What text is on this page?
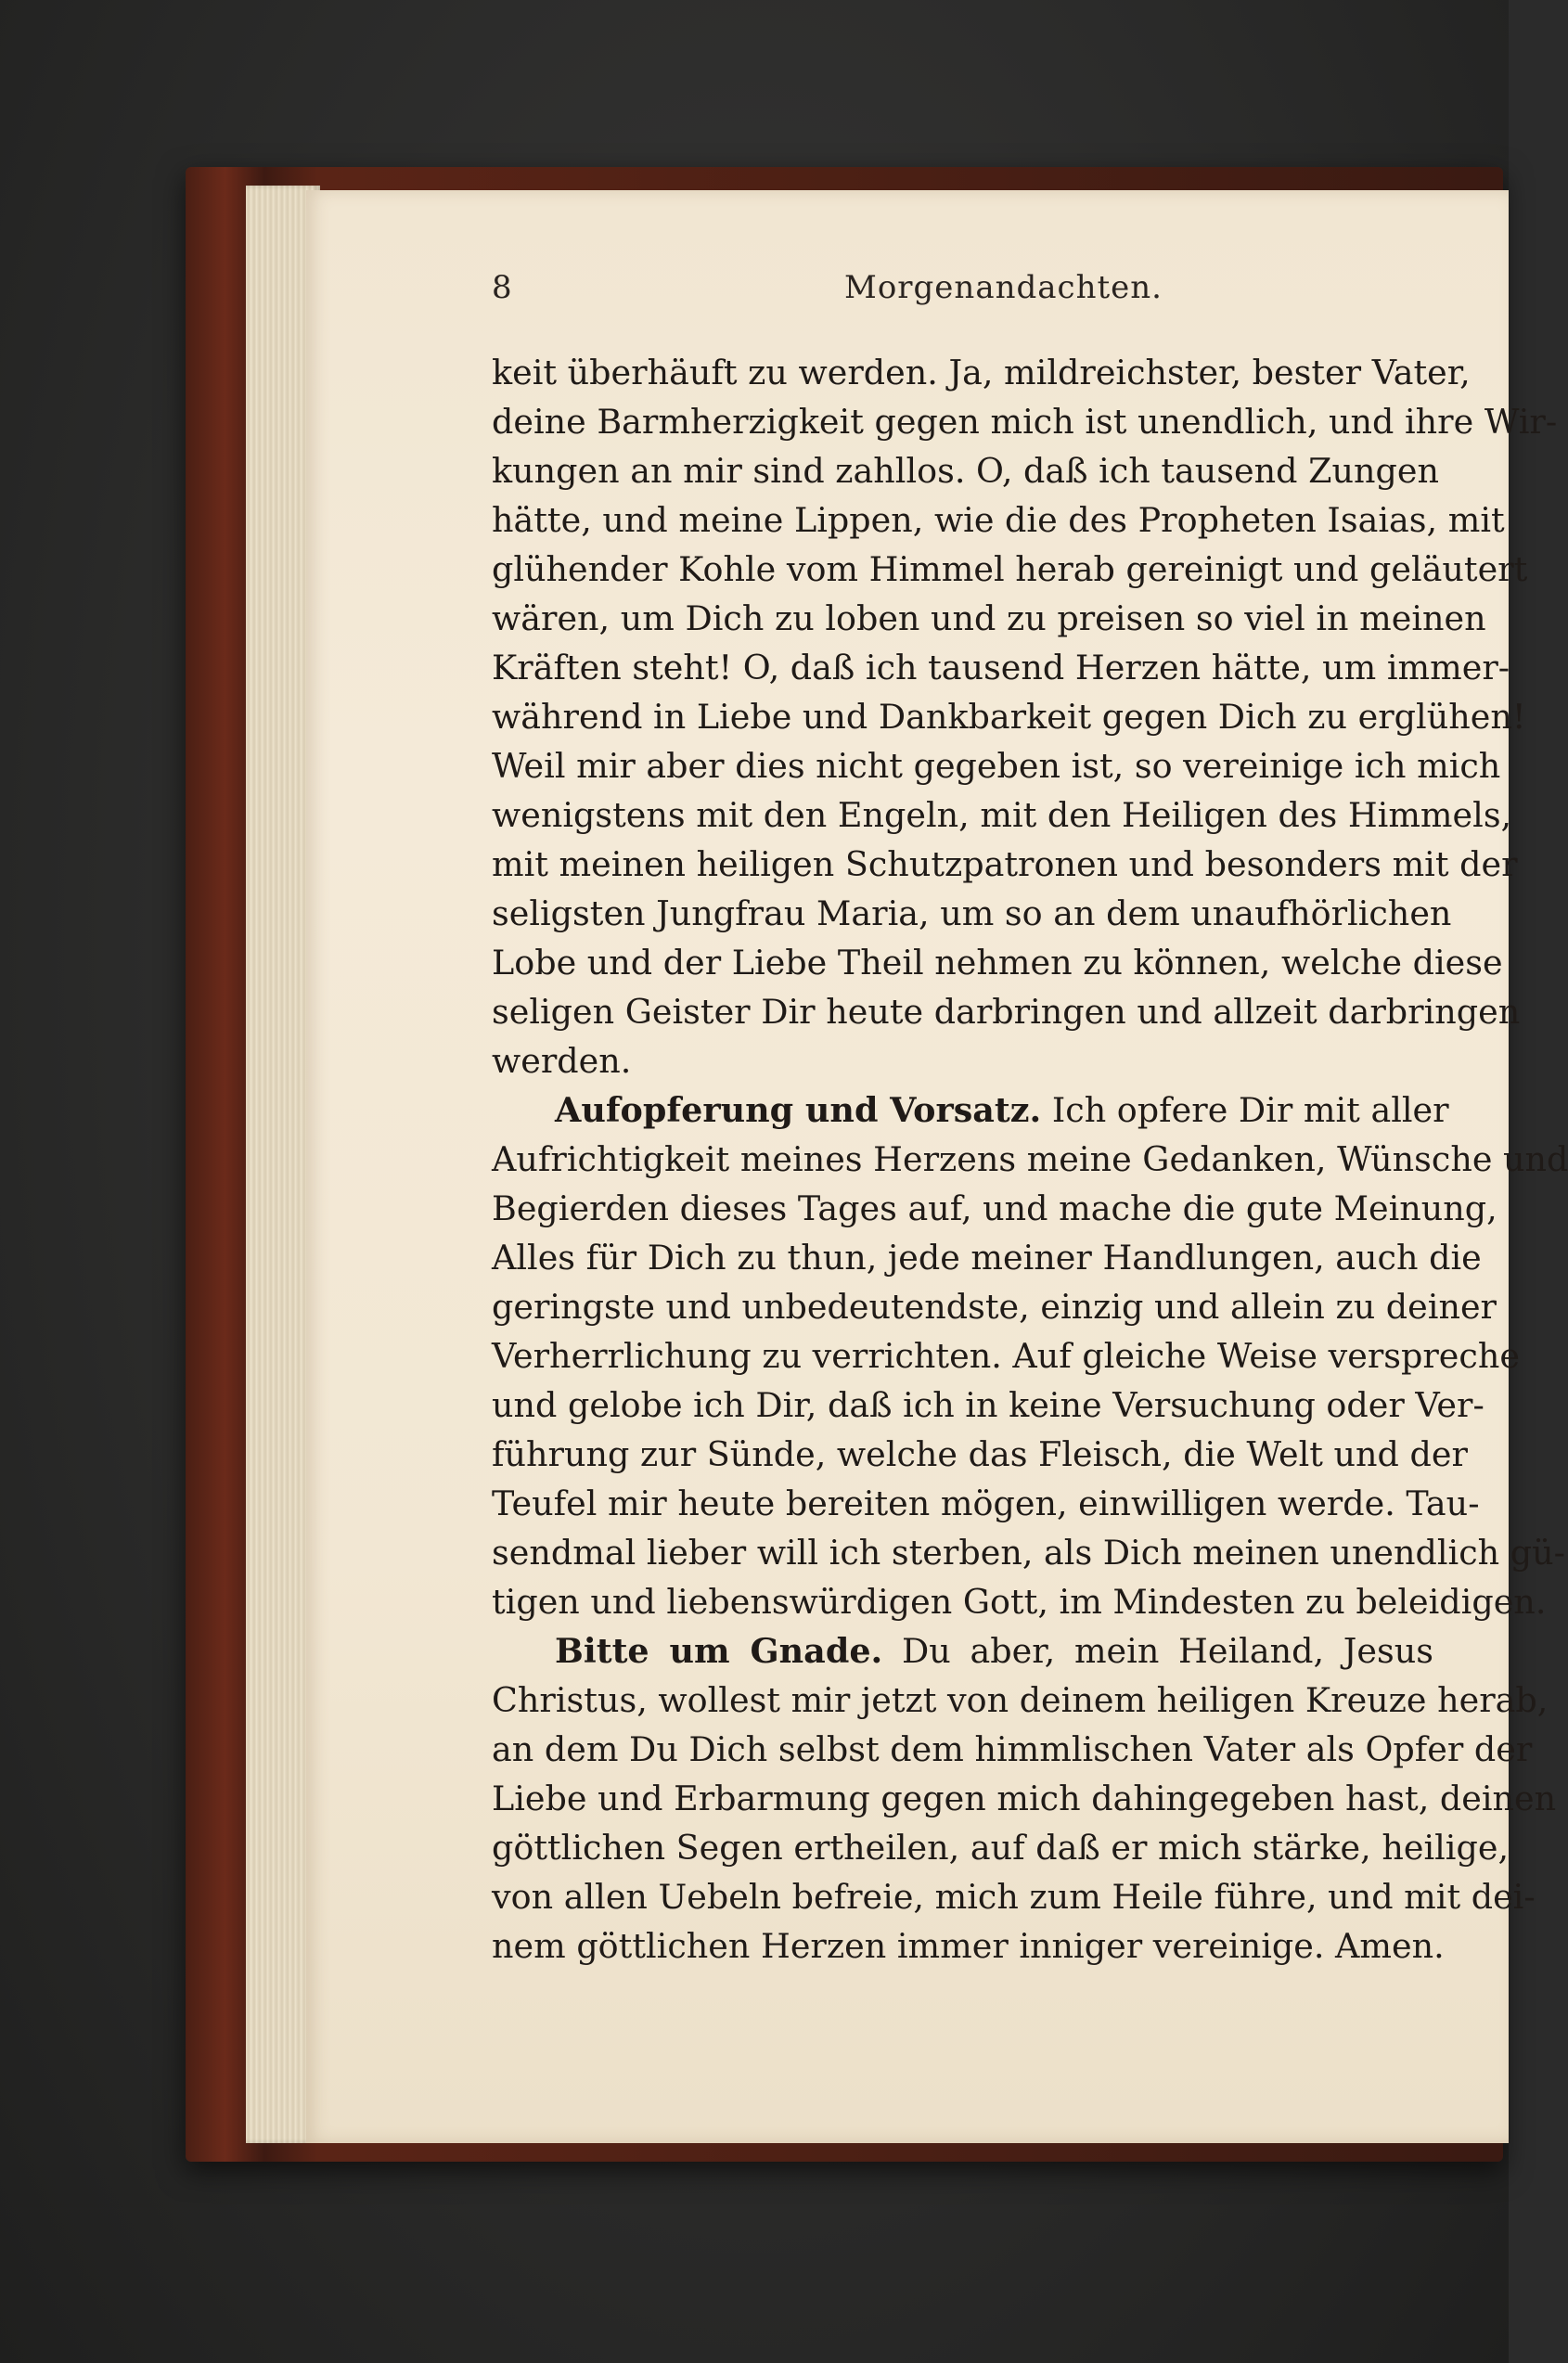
8	Morgenandachten.
keit überhäuft zu werden. Ja, mildreichster, bester Vater,
deine Barmherzigkeit gegen mich ist unendlich, und ihre Wir-
kungen an mir sind zahllos. O, daß ich tausend Zungen
hätte, und meine Lippen, wie die des Propheten Isaias, mit
glühender Kohle vom Himmel herab gereinigt und geläutert
wären, um Dich zu loben und zu preisen so viel in meinen
Kräften steht! O, daß ich tausend Herzen hätte, um immer-
während in Liebe und Dankbarkeit gegen Dich zu erglühen!
Weil mir aber dies nicht gegeben ist, so vereinige ich mich
wenigstens mit den Engeln, mit den Heiligen des Himmels,
mit meinen heiligen Schutzpatronen und besonders mit der
seligsten Jungfrau Maria, um so an dem unaufhörlichen
Lobe und der Liebe Theil nehmen zu können, welche diese
seligen Geister Dir heute darbringen und allzeit darbringen
werden.
Aufopferung und Vorsatz. Ich opfere Dir mit aller
Aufrichtigkeit meines Herzens meine Gedanken, Wünsche und
Begierden dieses Tages auf, und mache die gute Meinung,
Alles für Dich zu thun, jede meiner Handlungen, auch die
geringste und unbedeutendste, einzig und allein zu deiner
Verherrlichung zu verrichten. Auf gleiche Weise verspreche
und gelobe ich Dir, daß ich in keine Versuchung oder Ver-
führung zur Sünde, welche das Fleisch, die Welt und der
Teufel mir heute bereiten mögen, einwilligen werde. Tau-
sendmal lieber will ich sterben, als Dich meinen unendlich gü-
tigen und liebenswürdigen Gott, im Mindesten zu beleidigen.
Bitte um Gnade. Du aber, mein Heiland, Jesus
Christus, wollest mir jetzt von deinem heiligen Kreuze herab,
an dem Du Dich selbst dem himmlischen Vater als Opfer der
Liebe und Erbarmung gegen mich dahingegeben hast, deinen
göttlichen Segen ertheilen, auf daß er mich stärke, heilige,
von allen Uebeln befreie, mich zum Heile führe, und mit dei-
nem göttlichen Herzen immer inniger vereinige. Amen.
